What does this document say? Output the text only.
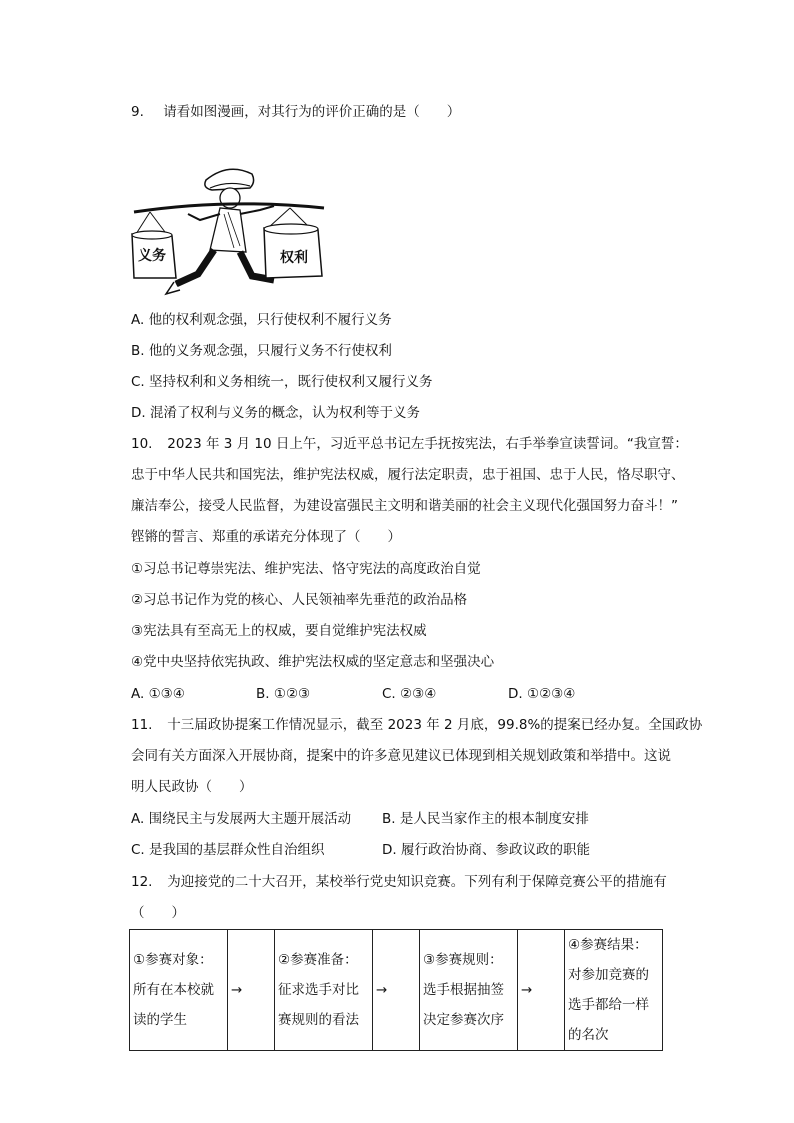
9. 请看如图漫画，对其行为的评价正确的是（　　）
义务	权利
A. 他的权利观念强，只行使权利不履行义务
B. 他的义务观念强，只履行义务不行使权利
C. 坚持权利和义务相统一，既行使权利又履行义务
D. 混淆了权利与义务的概念，认为权利等于义务
10. 2023 年 3 月 10 日上午，习近平总书记左手抚按宪法，右手举拳宣读誓词。“我宣誓：
忠于中华人民共和国宪法，维护宪法权威，履行法定职责，忠于祖国、忠于人民，恪尽职守、
廉洁奉公，接受人民监督，为建设富强民主文明和谐美丽的社会主义现代化强国努力奋斗！”
铿锵的誓言、郑重的承诺充分体现了（　　）
①习总书记尊崇宪法、维护宪法、恪守宪法的高度政治自觉
②习总书记作为党的核心、人民领袖率先垂范的政治品格
③宪法具有至高无上的权威，要自觉维护宪法权威
④党中央坚持依宪执政、维护宪法权威的坚定意志和坚强决心
A. ①③④	B. ①②③	C. ②③④	D. ①②③④
11. 十三届政协提案工作情况显示，截至 2023 年 2 月底，99.8%的提案已经办复。全国政协
会同有关方面深入开展协商，提案中的许多意见建议已体现到相关规划政策和举措中。这说
明人民政协（　　）
A. 围绕民主与发展两大主题开展活动 B. 是人民当家作主的根本制度安排
C. 是我国的基层群众性自治组织	D. 履行政治协商、参政议政的职能
12. 为迎接党的二十大召开，某校举行党史知识竞赛。下列有利于保障竞赛公平的措施有
（　　）
①参赛对象：所有在本校就读的学生	→	②参赛准备：征求选手对比赛规则的看法	→	③参赛规则：选手根据抽签决定参赛次序	→	④参赛结果：对参加竞赛的选手都给一样的名次
